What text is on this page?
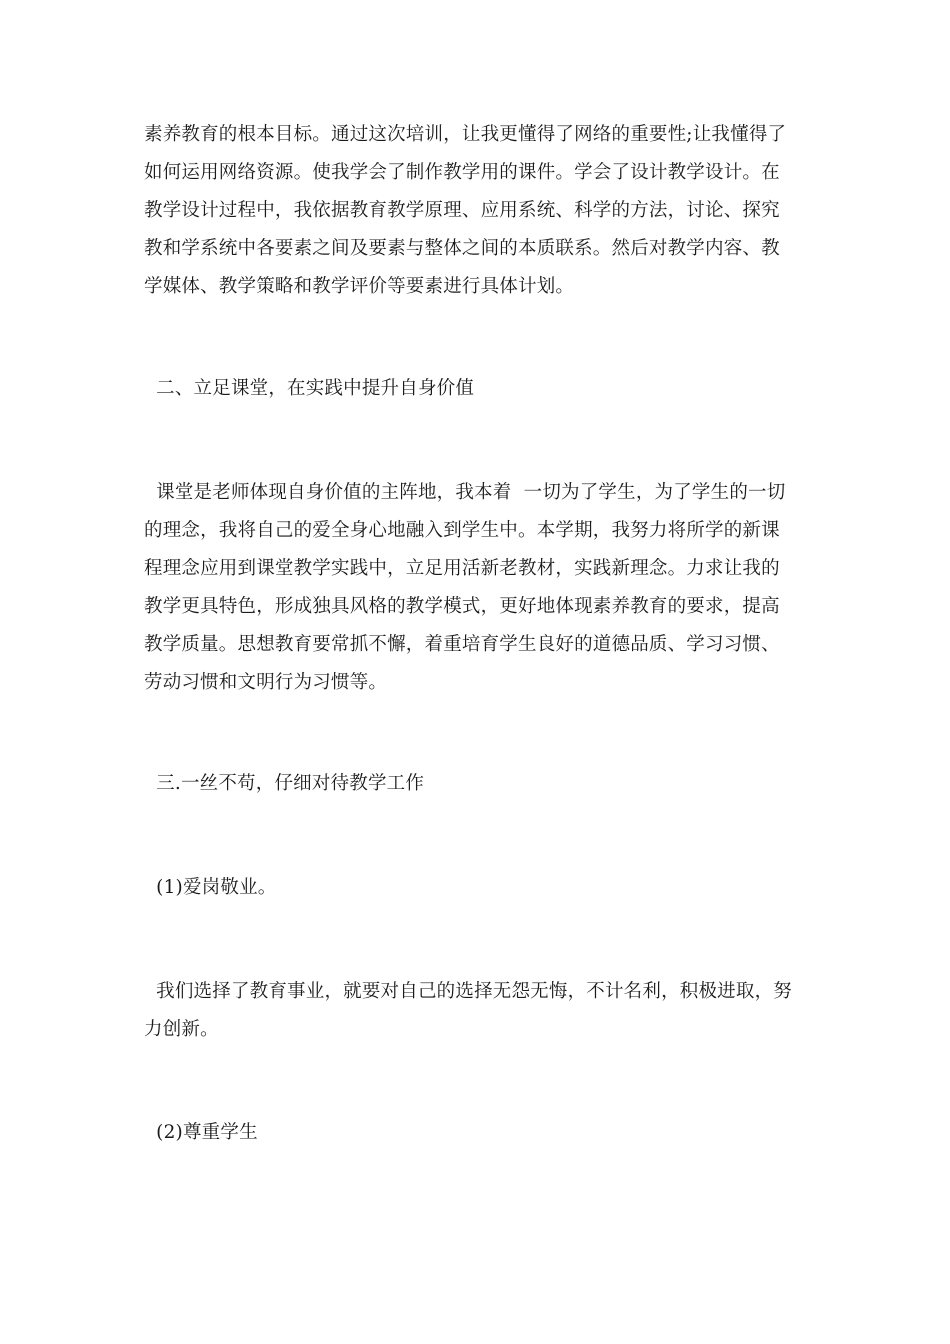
素养教育的根本目标。通过这次培训，让我更懂得了网络的重要性;让我懂得了
如何运用网络资源。使我学会了制作教学用的课件。学会了设计教学设计。在
教学设计过程中，我依据教育教学原理、应用系统、科学的方法，讨论、探究
教和学系统中各要素之间及要素与整体之间的本质联系。然后对教学内容、教
学媒体、教学策略和教学评价等要素进行具体计划。
二、立足课堂，在实践中提升自身价值
课堂是老师体现自身价值的主阵地，我本着  一切为了学生，为了学生的一切
的理念，我将自己的爱全身心地融入到学生中。本学期，我努力将所学的新课
程理念应用到课堂教学实践中，立足用活新老教材，实践新理念。力求让我的
教学更具特色，形成独具风格的教学模式，更好地体现素养教育的要求，提高
教学质量。思想教育要常抓不懈，着重培育学生良好的道德品质、学习习惯、
劳动习惯和文明行为习惯等。
三.一丝不苟，仔细对待教学工作
(1)爱岗敬业。
我们选择了教育事业，就要对自己的选择无怨无悔，不计名利，积极进取，努
力创新。
(2)尊重学生
